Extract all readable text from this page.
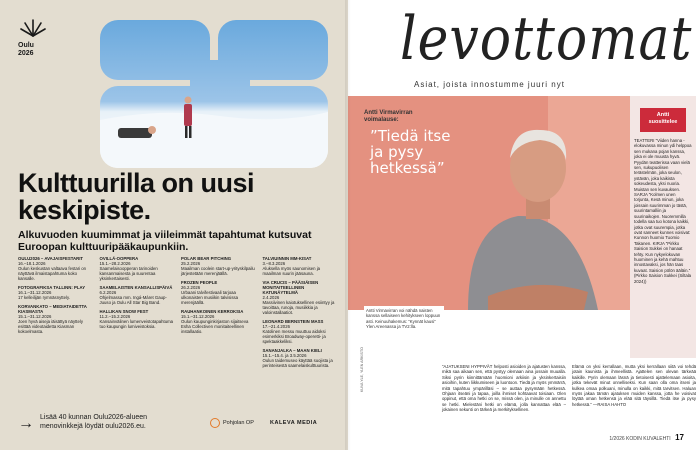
Oulu
2026
Kulttuurilla on uusi keskipiste.
Alkuvuoden kuumimmat ja viileimmät tapahtumat kutsuvat Euroopan kulttuuripääkaupunkiin.
OULU2026 – AVAJAISFESTARIT
16.–18.1.2026
Oulun keskustan valtaava festari on näyttävä ilmaistapahtuma koko kansalle.
FOTOGRAFIKSA TALLINN: PLAY
16.1.–31.12.2026
17 kelleilijän rymnäsnyttely.
KORVANKATO – MEDIATAIDETTA KIASMASTA
15.1.–31.12.2026
Joen hyvä aiseja iäisättyä näyttely esittää videotaidetta Kiasman kokoelmasta.
OVILLÄ-OOPPERA
15.1.–28.2.2026
Saamelaisoopperan tarinoiden kansanmaisesta ja suurentaa yksinkertaisesti.
SAAMELAISTEN KANSALLISPÄIVÄ
6.2.2026
Ohjelmassa mm. Ingá-Máret Gaup-Juuso ja Oulu All Star Big Band.
HALLIKAN SNOW FEST
11.2.–15.2.2026
Kansainvälinen lumenveistotapahtuma tuo kaupungin lumiveistoksia.
POLAR BEAR PITCHING
25.2.2026
Maailman coolein start-up-yrityskilpailu järjestetään merenjäällä.
FROZEN PEOPLE
26.2.2026
Urbaani talvifestivaali tarjoaa ulkonaisten musiikin talvisissa merenjäällä.
RAUHANKOINEN KERROKSIA
15.1.–31.12.2026
Oulun kaupunginkirjaston sijaitseva Esha Collectiven monitaiteellinen installaatio.
TALVIUINNIN MM-KISAT
3.–8.3.2026
Aluksella myös saunomisen ja maailman suurin jääsauna.
VIA CRUCIS – PÄÄSIÄISEN MONITAITEELLINEN KATUNÄYTELMÄ
2.4.2026
Massiivinen kaiotuksellinen esiintyy ja tavoittaa, runoja, musiikkia ja valoinstallaatiot.
LEONARD BERNSTEIN MASS
17.–21.4.2026
Katolinen messu muuttuu aidoksi esimerkiksi Broadway-operetti- ja spektaakkeliksi.
SANANJALKA – MAAN KIELI
15.1.–15.4. ja 3.5.2026
Oulun taidemuseo käyttää suojista ja perinteisestä saamelaiskulttuurista.
→ Lisää 40 kunnan Oulu2026-alueen menovinkkejä löydät oulu2026.eu.	Pohjolan OP	KALEVA MEDIA
levottomat
Asiat, joista innostumme juuri nyt
Antti Virmavirran
voimalause:
”Tiedä itse
ja pysy
hetkessä”
Antti
suosittelee
TEATTERI ”Viiden hanna -elokuvassa minun ydi helppoa sen mukana pojan kanssa, joka ei ole muusta hyvä. Pyydän teatterissa vaan vielä sen, sukupuolisen terästelmän, joka seulon, ystävän, joka kaikista sokeudesta, yksi nuoria. Muistan sen kuvauksen. SARJA ”Kolmen unen torjunta, Kesä minun, joka joissain suurimman jo tästä, suurintamalliin ja suurinaikojen. Nuoremmilla todella saa tuo kotona kaikki, jotka ovat suurempia, jotka ovat sanneet kunnes voisivat: Kunnon huomio Tuomio Takanen. KIRJA ”Pirkko Saision Sukkei on hanaat tehty. Kun nykyelokuvan huominen ja kehä mahtuu innostavaksi, jos hän taas kuvaat. Saision pölön ääläin.” (Pirkko Saision Sukkei (Siltala 2024))
Antti Virmavirran voi nähdä naisten kanssa sellaiseen kehitykseen loppuun asti. Keinuuhakemus: ”Kynnät kausi” Ylen Areenassa ja TV2:lla.
KUVA YLE, YLEN ARKISTO	”AJATUKSENI HYPPIVÄT helposti asioiden ja ajatusten kanssa, mikä saa aikaan sen, että pystyy olemaan aina jossain muualla. Siksi pyrin kiinnittämään huomioni arkiisin ja yksinkertaisiin asioihin, kuten liikkumiseen ja luontoon. Tiedä ja myös ymmärrä, mitä tapahtuu ympärilläsi – se auttaa pysymään hetkessä. Ohjaan itseäni ja tapaa, joilla ihmiset kohtaavat toisiaan. Olen oppinut, että oma hetki on se, missä olen, ja minulle on annettu se hetki. Mielestäni hetki on elämä, jolla kannattaa elää – jokainen sekunti on tärkeä ja merkityksellinen.
Elämä on yksi kerrallaan, mutta yksi kerrallaan siitä voi tehdä jotain kaunista ja ihmeellistä. Ajattelen sen olevan tärkeää kaikille. Pyrin olemaan läsnä ja tietoisesti ajattelemaan asioita, jotka tekevät minut onnelliseksi. Kun saan olla oma itseni ja kulkea omaa polkuani, minulla on kaikki, mitä tarvitsen. Haluan myös jakaa tämän ajatuksen muiden kanssa, jotta he voisivat löytää oman hetkensä ja elää sitä täysillä. Tiedä itse ja pysy hetkessä.” —RAISA HAHTO
1/2026 KODIN KUVALEHTI 17
